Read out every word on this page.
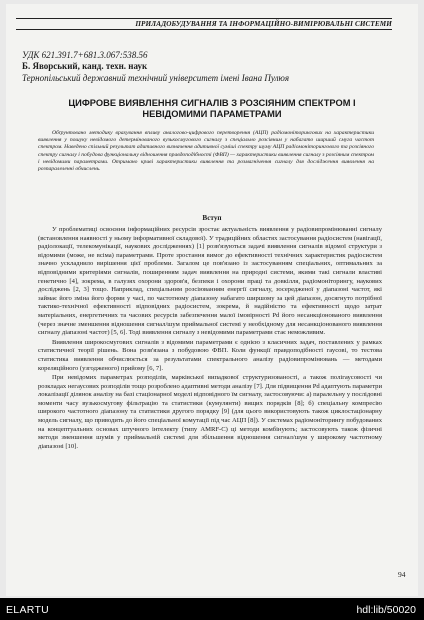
ПРИЛАДОБУДУВАННЯ ТА ІНФОРМАЦІЙНО-ВИМІРЮВАЛЬНІ СИСТЕМИ
УДК 621.391.7+681.3.067:538.56
Б. Яворський, канд. техн. наук
Тернопільський державний технічний університет імені Івана Пулюя
ЦИФРОВЕ ВИЯВЛЕННЯ СИГНАЛІВ З РОЗСІЯНИМ СПЕКТРОМ І НЕВІДОМИМИ ПАРАМЕТРАМИ
Обґрунтовано методику врахування впливу аналогово-цифрового перетворення (АЦП) радіомоніторингових на характеристики виявлення у пошуку невідомого детермінованого вузькосмугового сигналу з спеціально розсіяним у набагато ширший смуга частот спектром. Наведено спільний результат адитивного визначення адитивної суміші спектру шуму АЦП радіомоніторингового та розсіяного спектру сигналу і побудова функціональну відношення правдоподібності (ФВП) — характеристики виявлення сигналу з розсіяним спектром і невідомими параметрами. Отримано криві характеристики виявлення та розмагнічення сигналу для дослідження виявлення на розпаралеленні обчислень.
Вступ

У проблематиці освоєння інформаційних ресурсів зростає актуальність виявлення у радіовипромінюванні сигналу (встановлення наявності у ньому інформативної складової). У традиційних областях застосування радіосистем (навігації, радіолокації, телекомунікації, наукових дослідженнях) [1] розв'язуються задачі виявлення сигналів відомої структури з відомими (може, не всіма) параметрами. Проте зростання вимог до ефективності технічних характеристик радіосистем значно ускладнило вирішення цієї проблеми. Загалом це пов'язано із застосуванням спеціальних, оптимальних за відповідними критеріями сигналів, поширенням задач виявлення на природні системи, якими такі сигнали властиві генетично [4], зокрема, в галузях охорони здоров'я, безпеки і охорони праці та довкілля, радіомоніторингу, наукових досліджень [2, 3] тощо. Наприклад, спеціальним розсіюванням енергії сигналу, зосередженої у діапазоні частот, які займає його зміна його форми у часі, по частотному діапазону набагато ширшому за цей діапазон, досягнуто потрібної тактико-технічної ефективності відповідних радіосистем, зокрема, й надійністю та ефективності щодо затрат матеріальних, енергетичних та часових ресурсів забезпечення малої імовірності Pd його несанкціонованого виявлення (через значне зменшення відношення сигнал/шум приймальної системі у необхідному для несанкціонованого виявлення сигналу діапазоні частот) [5, 6]. Тоді виявлення сигналу з невідомими параметрами стає неможливим.

Виявлення широкосмугових сигналів з відомими параметрами є однією з класичних задач, поставлених у рамках статистичної теорії рішень. Вона розв'язана з побудовою ФВП. Коли функції правдоподібності гаусові, то тестова статистика виявлення обчислюється за результатами спектрального аналізу радіовипромінювань — методами кореляційного (узгодженого) прийому [6, 7].

При невідомих параметрах розподілів, марківської випадкової структуризованості, а також полігаусовості чи розкладах негаусових розподілів тощо розроблено адаптивні методи аналізу [7]. Для підвищення Pd адаптують параметри локалізації ділянок аналізу на базі стаціонарної моделі відповідного їм сигналу, застосовуючи: а) паралельну у послідовні моменти часу вузькосмугову фільтрацію та статистики (кумулянти) вищих порядків [8]; б) спеціальну компресію широкого частотного діапазону та статистики другого порядку [9] (для цього використовують також циклостаціонарну модель сигналу, що приводить до його спеціальної комутації під час АЦП [8]). У системах радіомоніторингу побудованих на концептуальних основах штучного інтелекту (типу AMRF-C) ці методи комбінують; застосовують також фізичні методи зменшення шумів у приймальній системі для збільшення відношення сигнал/шум у широкому частотному діапазоні [10].

94
ELARTU	hdl:lib/50020
